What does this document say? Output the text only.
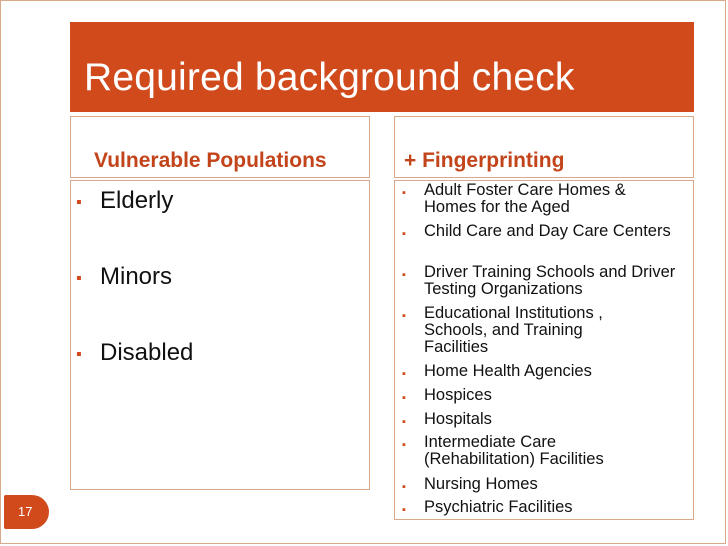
Required background check
Vulnerable Populations	+ Fingerprinting
▪ Elderly
▪ Minors
▪ Disabled
▪ Adult Foster Care Homes & Homes for the Aged
▪ Child Care and Day Care Centers
▪ Driver Training Schools and Driver Testing Organizations
▪ Educational Institutions , Schools, and Training Facilities
▪ Home Health Agencies
▪ Hospices
▪ Hospitals
▪ Intermediate Care (Rehabilitation) Facilities
▪ Nursing Homes
▪ Psychiatric Facilities
17
